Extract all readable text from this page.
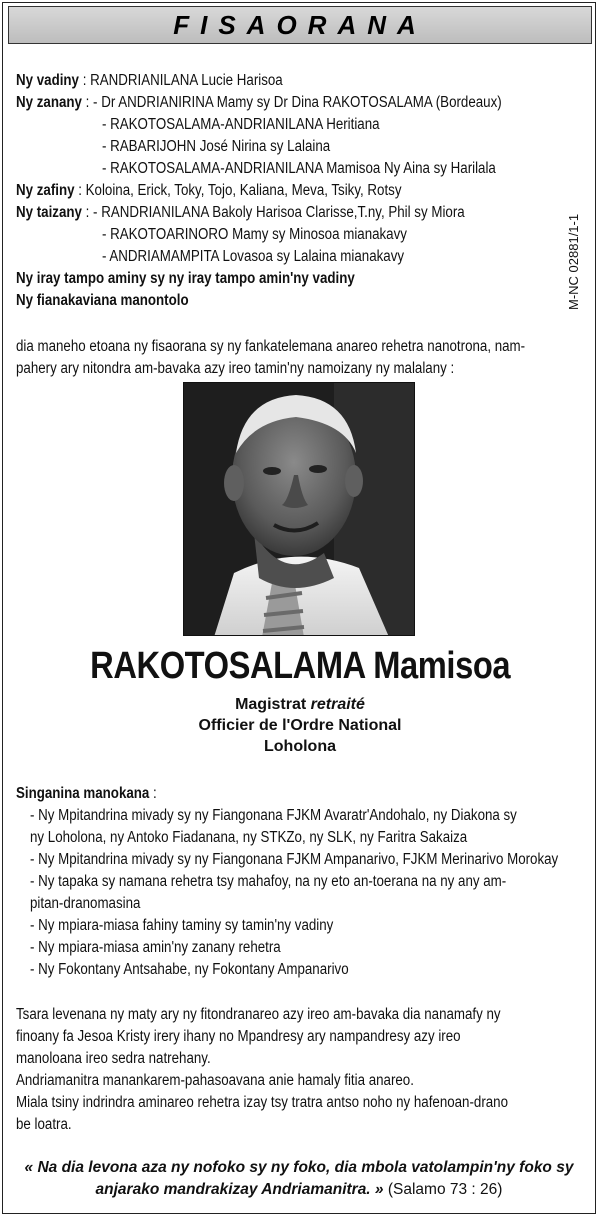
FISAORANA
Ny vadiny : RANDRIANILANA Lucie Harisoa
Ny zanany : - Dr ANDRIANIRINA Mamy sy Dr Dina RAKOTOSALAMA (Bordeaux)
- RAKOTOSALAMA-ANDRIANILANA Heritiana
- RABARIJOHN José Nirina sy Lalaina
- RAKOTOSALAMA-ANDRIANILANA Mamisoa Ny Aina sy Harilala
Ny zafiny : Koloina, Erick, Toky, Tojo, Kaliana, Meva, Tsiky, Rotsy
Ny taizany : - RANDRIANILANA Bakoly Harisoa Clarisse,T.ny, Phil sy Miora
- RAKOTOARINORO Mamy sy Minosoa mianakavy
- ANDRIAMAMPITA Lovasoa sy Lalaina mianakavy
Ny iray tampo aminy sy ny iray tampo amin'ny vadiny
Ny fianakaviana manontolo	M-NC 02881/1-1
dia maneho etoana ny fisaorana sy ny fankatelemana anareo rehetra nanotrona, nam-
pahery ary nitondra am-bavaka azy ireo tamin'ny namoizany ny malalany :
RAKOTOSALAMA Mamisoa
Magistrat retraité
Officier de l'Ordre National
Loholona
Singanina manokana :
- Ny Mpitandrina mivady sy ny Fiangonana FJKM Avaratr'Andohalo, ny Diakona sy
ny Loholona, ny Antoko Fiadanana, ny STKZo, ny SLK, ny Faritra Sakaiza
- Ny Mpitandrina mivady sy ny Fiangonana FJKM Ampanarivo, FJKM Merinarivo Morokay
- Ny tapaka sy namana rehetra tsy mahafoy, na ny eto an-toerana na ny any am-
pitan-dranomasina
- Ny mpiara-miasa fahiny taminy sy tamin'ny vadiny
- Ny mpiara-miasa amin'ny zanany rehetra
- Ny Fokontany Antsahabe, ny Fokontany Ampanarivo
Tsara levenana ny maty ary ny fitondranareo azy ireo am-bavaka dia nanamafy ny
finoany fa Jesoa Kristy irery ihany no Mpandresy ary nampandresy azy ireo
manoloana ireo sedra natrehany.
Andriamanitra manankarem-pahasoavana anie hamaly fitia anareo.
Miala tsiny indrindra aminareo rehetra izay tsy tratra antso noho ny hafenoan-drano
be loatra.
« Na dia levona aza ny nofoko sy ny foko, dia mbola vatolampin'ny foko sy
anjarako mandrakizay Andriamanitra. » (Salamo 73 : 26)
